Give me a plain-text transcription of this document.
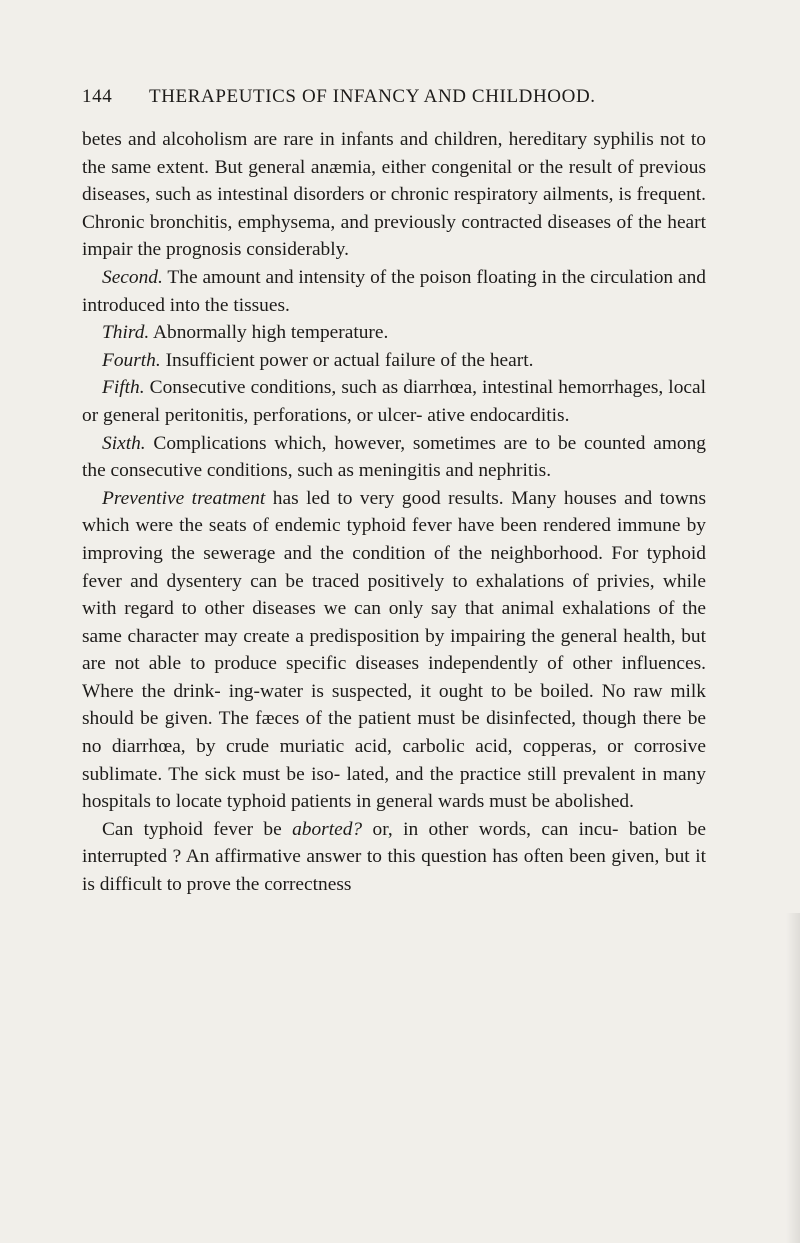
144 THERAPEUTICS OF INFANCY AND CHILDHOOD.

betes and alcoholism are rare in infants and children, hereditary syphilis not to the same extent. But general anæmia, either congenital or the result of previous diseases, such as intestinal disorders or chronic respiratory ailments, is frequent. Chronic bronchitis, emphysema, and previously contracted diseases of the heart impair the prognosis considerably.

Second. The amount and intensity of the poison floating in the circulation and introduced into the tissues.

Third. Abnormally high temperature.

Fourth. Insufficient power or actual failure of the heart.

Fifth. Consecutive conditions, such as diarrhœa, intestinal hemorrhages, local or general peritonitis, perforations, or ulcer- ative endocarditis.

Sixth. Complications which, however, sometimes are to be counted among the consecutive conditions, such as meningitis and nephritis.

Preventive treatment has led to very good results. Many houses and towns which were the seats of endemic typhoid fever have been rendered immune by improving the sewerage and the condition of the neighborhood. For typhoid fever and dysentery can be traced positively to exhalations of privies, while with regard to other diseases we can only say that animal exhalations of the same character may create a predisposition by impairing the general health, but are not able to produce specific diseases independently of other influences. Where the drink- ing-water is suspected, it ought to be boiled. No raw milk should be given. The fæces of the patient must be disinfected, though there be no diarrhœa, by crude muriatic acid, carbolic acid, copperas, or corrosive sublimate. The sick must be iso- lated, and the practice still prevalent in many hospitals to locate typhoid patients in general wards must be abolished.

Can typhoid fever be aborted? or, in other words, can incu- bation be interrupted ? An affirmative answer to this question has often been given, but it is difficult to prove the correctness
